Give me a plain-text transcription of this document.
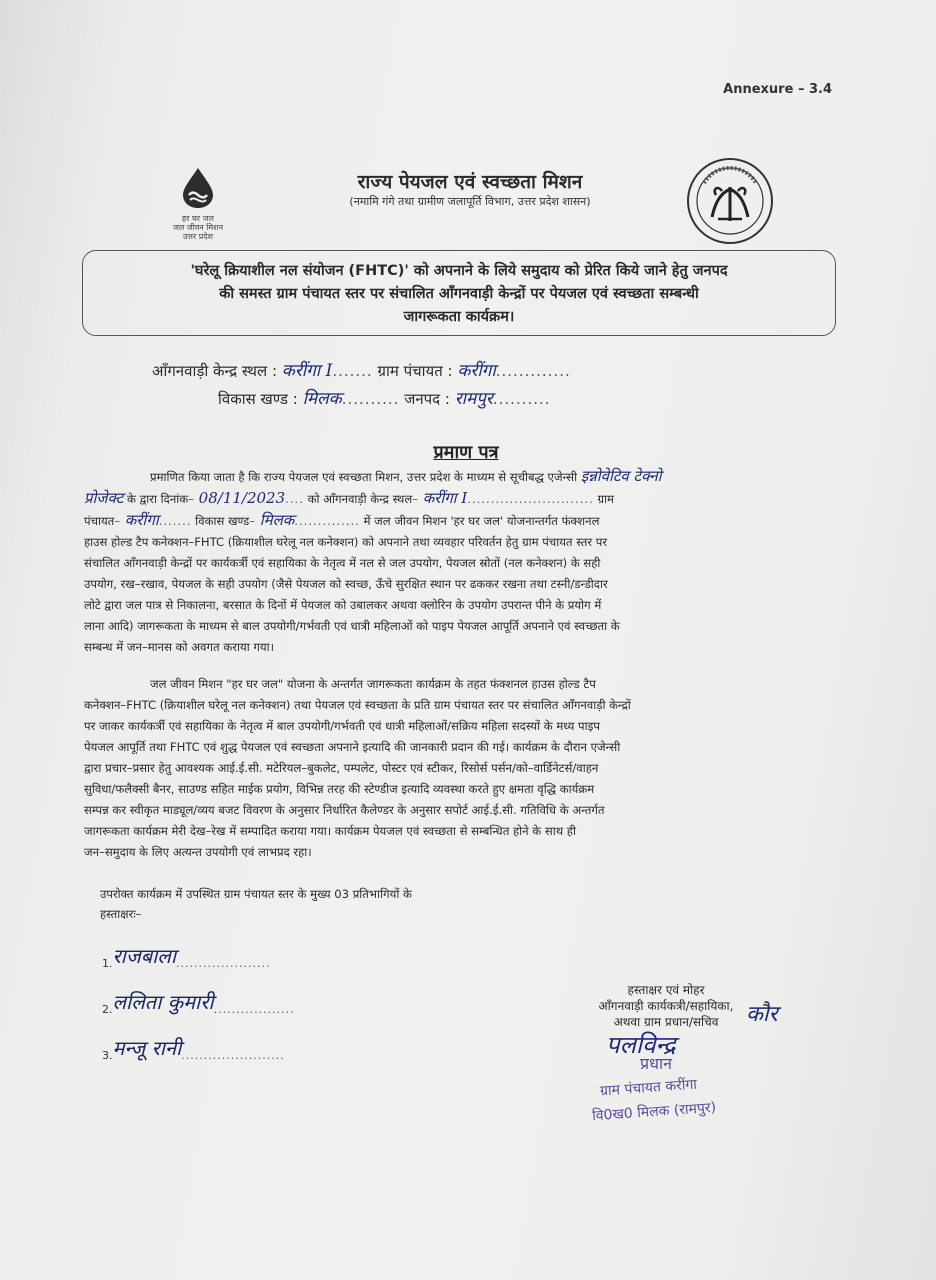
Annexure – 3.4
हर घर जल
जल जीवन मिशन
उत्तर प्रदेश
राज्य पेयजल एवं स्वच्छता मिशन
(नमामि गंगे तथा ग्रामीण जलापूर्ति विभाग, उत्तर प्रदेश शासन)
'घरेलू क्रियाशील नल संयोजन (FHTC)' को अपनाने के लिये समुदाय को प्रेरित किये जाने हेतु जनपद
की समस्त ग्राम पंचायत स्तर पर संचालित आँगनवाड़ी केन्द्रों पर पेयजल एवं स्वच्छता सम्बन्धी
जागरूकता कार्यक्रम।
आँगनवाड़ी केन्द्र स्थल : करींगा I....... ग्राम पंचायत : करींगा.............
विकास खण्ड : मिलक.......... जनपद : रामपुर..........
प्रमाण पत्र
प्रमाणित किया जाता है कि राज्य पेयजल एवं स्वच्छता मिशन, उत्तर प्रदेश के माध्यम से सूचीबद्ध एजेन्सी इन्नोवेटिव टेक्नो
प्रोजेक्ट के द्वारा दिनांक– 08/11/2023.... को आँगनवाड़ी केन्द्र स्थल– करींगा I........................... ग्राम
पंचायत– करींगा....... विकास खण्ड– मिलक.............. में जल जीवन मिशन 'हर घर जल' योजनान्तर्गत फंक्शनल
हाउस होल्ड टैप कनेक्शन–FHTC (क्रियाशील घरेलू नल कनेक्शन) को अपनाने तथा व्यवहार परिवर्तन हेतु ग्राम पंचायत स्तर पर
संचालित आँगनवाड़ी केन्द्रों पर कार्यकर्त्री एवं सहायिका के नेतृत्व में नल से जल उपयोग, पेयजल स्रोतों (नल कनेक्शन) के सही
उपयोग, रख–रखाव, पेयजल के सही उपयोग (जैसे पेयजल को स्वच्छ, ऊँचे सुरक्षित स्थान पर ढककर रखना तथा टस्नी/डन्डीदार
लोटे द्वारा जल पात्र से निकालना, बरसात के दिनों में पेयजल को उबालकर अथवा क्लोरिन के उपयोग उपरान्त पीने के प्रयोग में
लाना आदि) जागरूकता के माध्यम से बाल उपयोगी/गर्भवती एवं धात्री महिलाओं को पाइप पेयजल आपूर्ति अपनाने एवं स्वच्छता के
सम्बन्ध में जन–मानस को अवगत कराया गया।
जल जीवन मिशन "हर घर जल" योजना के अन्तर्गत जागरूकता कार्यक्रम के तहत फंक्शनल हाउस होल्ड टैप
कनेक्शन–FHTC (क्रियाशील घरेलू नल कनेक्शन) तथा पेयजल एवं स्वच्छता के प्रति ग्राम पंचायत स्तर पर संचालित आँगनवाड़ी केन्द्रों
पर जाकर कार्यकर्त्री एवं सहायिका के नेतृत्व में बाल उपयोगी/गर्भवती एवं धात्री महिलाओं/सक्रिय महिला सदस्यों के मध्य पाइप
पेयजल आपूर्ति तथा FHTC एवं शुद्ध पेयजल एवं स्वच्छता अपनाने इत्यादि की जानकारी प्रदान की गई। कार्यक्रम के दौरान एजेन्सी
द्वारा प्रचार–प्रसार हेतु आवश्यक आई.ई.सी. मटेरियल–बुकलेट, पम्पलेट, पोस्टर एवं स्टीकर, रिसोर्स पर्सन/को–वार्डिनेटर्स/वाहन
सुविधा/फलैक्सी बैनर, साउण्ड सहित माईक प्रयोग, विभिन्न तरह की स्टेण्डीज इत्यादि व्यवस्था करते हुए क्षमता वृद्धि कार्यक्रम
सम्पन्न कर स्वीकृत माड्यूल/व्यय बजट विवरण के अनुसार निर्धारित कैलेण्डर के अनुसार सपोर्ट आई.ई.सी. गतिविधि के अन्तर्गत
जागरूकता कार्यक्रम मेरी देख–रेख में सम्पादित कराया गया। कार्यक्रम पेयजल एवं स्वच्छता से सम्बन्धित होने के साथ ही
जन–समुदाय के लिए अत्यन्त उपयोगी एवं लाभप्रद रहा।
उपरोक्त कार्यक्रम में उपस्थित ग्राम पंचायत स्तर के मुख्य 03 प्रतिभागियों के
हस्ताक्षरः–
1.राजबाला.....................
2.ललिता कुमारी..................
3.मन्जू रानी.......................
हस्ताक्षर एवं मोहर
आँगनवाड़ी कार्यकत्री/सहायिका,
अथवा ग्राम प्रधान/सचिव	कौर
पलविन्द्र
प्रधान
ग्राम पंचायत करींगा
वि0ख0 मिलक (रामपुर)
